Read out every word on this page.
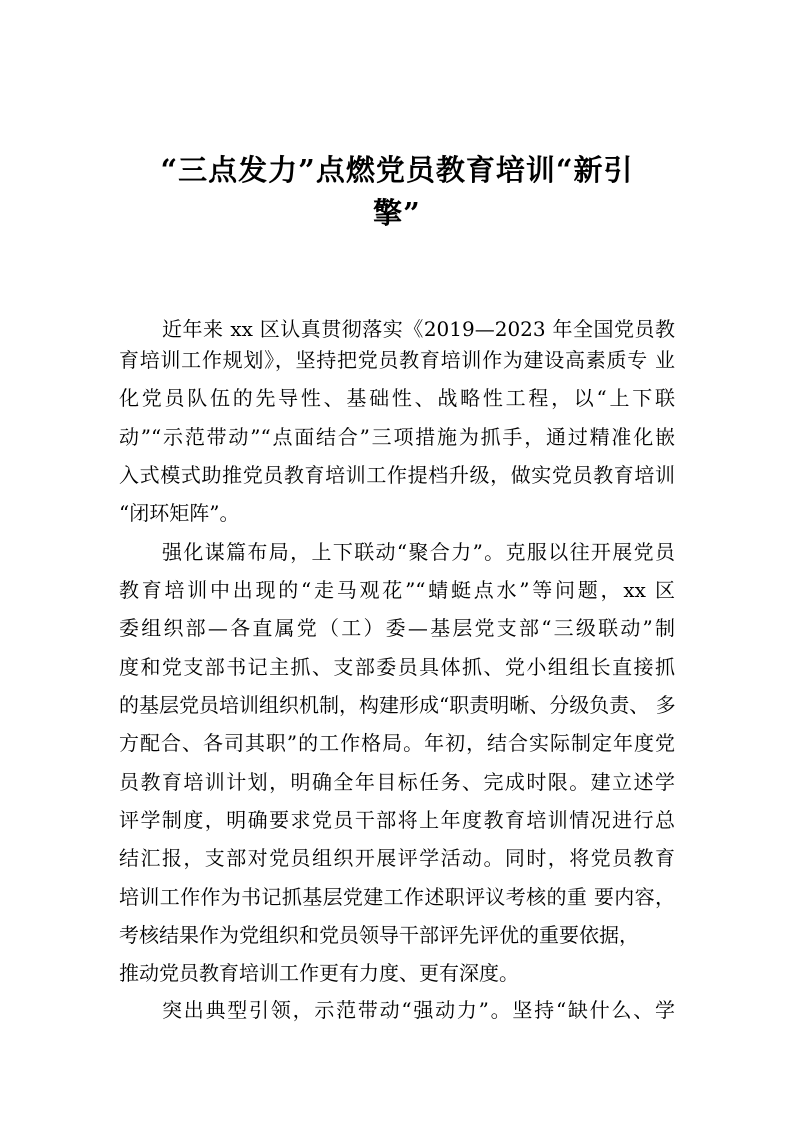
“三点发力”点燃党员教育培训“新引
擎”
近年来 xx 区认真贯彻落实《2019—2023 年全国党员教
育培训工作规划》，坚持把党员教育培训作为建设高素质专 业
化党员队伍的先导性、基础性、战略性工程，以“上下联
动”“示范带动”“点面结合”三项措施为抓手，通过精准化嵌
入式模式助推党员教育培训工作提档升级，做实党员教育培训
“闭环矩阵”。
强化谋篇布局，上下联动“聚合力”。克服以往开展党员
教育培训中出现的“走马观花”“蜻蜓点水”等问题，xx 区
委组织部—各直属党（工）委—基层党支部“三级联动”制
度和党支部书记主抓、支部委员具体抓、党小组组长直接抓
的基层党员培训组织机制，构建形成“职责明晰、分级负责、 多
方配合、各司其职”的工作格局。年初，结合实际制定年度党
员教育培训计划，明确全年目标任务、完成时限。建立述学
评学制度，明确要求党员干部将上年度教育培训情况进行总
结汇报，支部对党员组织开展评学活动。同时，将党员教育
培训工作作为书记抓基层党建工作述职评议考核的重 要内容，
考核结果作为党组织和党员领导干部评先评优的重要依据，
推动党员教育培训工作更有力度、更有深度。
突出典型引领，示范带动“强动力”。坚持“缺什么、学
